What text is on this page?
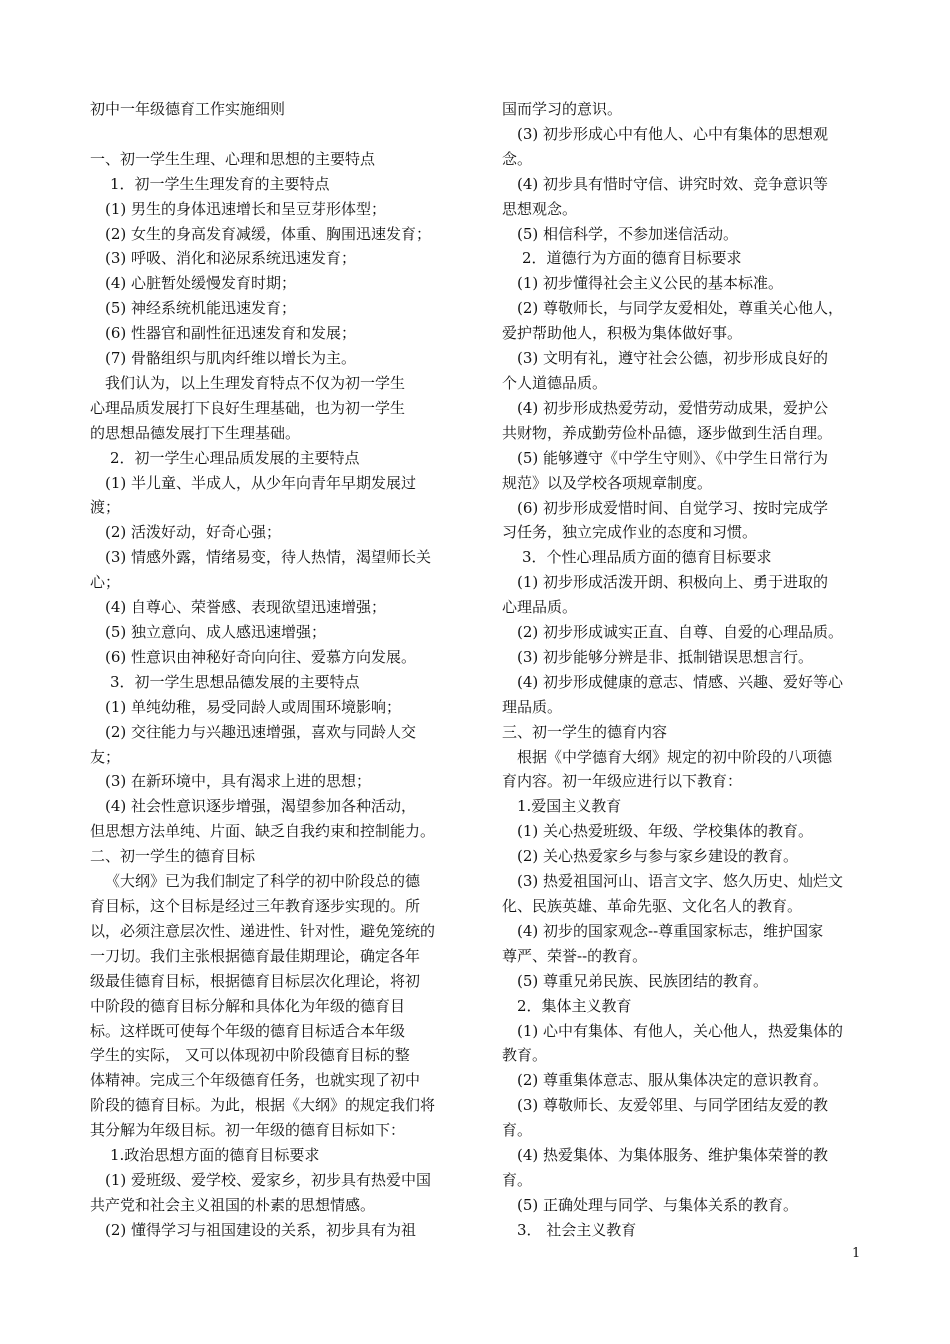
初中一年级德育工作实施细则

一、初一学生生理、心理和思想的主要特点

1．初一学生生理发育的主要特点

(1) 男生的身体迅速增长和呈豆芽形体型；

(2) 女生的身高发育减缓，体重、胸围迅速发育；

(3) 呼吸、消化和泌尿系统迅速发育；

(4) 心脏暂处缓慢发育时期；

(5) 神经系统机能迅速发育；

(6) 性器官和副性征迅速发育和发展；

(7) 骨骼组织与肌肉纤维以增长为主。

我们认为，以上生理发育特点不仅为初一学生

心理品质发展打下良好生理基础，也为初一学生

的思想品德发展打下生理基础。

2．初一学生心理品质发展的主要特点

(1) 半儿童、半成人，从少年向青年早期发展过

渡；

(2) 活泼好动，好奇心强；

(3) 情感外露，情绪易变，待人热情，渴望师长关

心；

(4) 自尊心、荣誉感、表现欲望迅速增强；

(5) 独立意向、成人感迅速增强；

(6) 性意识由神秘好奇向向往、爱慕方向发展。

3．初一学生思想品德发展的主要特点

(1) 单纯幼稚，易受同龄人或周围环境影响；

(2) 交往能力与兴趣迅速增强，喜欢与同龄人交

友；

(3) 在新环境中，具有渴求上进的思想；

(4) 社会性意识逐步增强，渴望参加各种活动，

但思想方法单纯、片面、缺乏自我约束和控制能力。

二、初一学生的德育目标

《大纲》已为我们制定了科学的初中阶段总的德

育目标，这个目标是经过三年教育逐步实现的。所

以，必须注意层次性、递进性、针对性，避免笼统的

一刀切。我们主张根据德育最佳期理论，确定各年

级最佳德育目标，根据德育目标层次化理论，将初

中阶段的德育目标分解和具体化为年级的德育目

标。这样既可使每个年级的德育目标适合本年级

学生的实际， 又可以体现初中阶段德育目标的整

体精神。完成三个年级德育任务，也就实现了初中

阶段的德育目标。为此，根据《大纲》的规定我们将

其分解为年级目标。初一年级的德育目标如下：

1.政治思想方面的德育目标要求

(1) 爱班级、爱学校、爱家乡，初步具有热爱中国

共产党和社会主义祖国的朴素的思想情感。

(2) 懂得学习与祖国建设的关系，初步具有为祖

国而学习的意识。

(3) 初步形成心中有他人、心中有集体的思想观

念。

(4) 初步具有惜时守信、讲究时效、竞争意识等

思想观念。

(5) 相信科学，不参加迷信活动。

2．道德行为方面的德育目标要求

(1) 初步懂得社会主义公民的基本标准。

(2) 尊敬师长，与同学友爱相处，尊重关心他人，

爱护帮助他人，积极为集体做好事。

(3) 文明有礼，遵守社会公德，初步形成良好的

个人道德品质。

(4) 初步形成热爱劳动，爱惜劳动成果，爱护公

共财物，养成勤劳俭朴品德，逐步做到生活自理。

(5) 能够遵守《中学生守则》、《中学生日常行为

规范》以及学校各项规章制度。

(6) 初步形成爱惜时间、自觉学习、按时完成学

习任务，独立完成作业的态度和习惯。

3．个性心理品质方面的德育目标要求

(1) 初步形成活泼开朗、积极向上、勇于进取的

心理品质。

(2) 初步形成诚实正直、自尊、自爱的心理品质。

(3) 初步能够分辨是非、抵制错误思想言行。

(4) 初步形成健康的意志、情感、兴趣、爱好等心

理品质。

三、初一学生的德育内容

根据《中学德育大纲》规定的初中阶段的八项德

育内容。初一年级应进行以下教育：

1.爱国主义教育

(1) 关心热爱班级、年级、学校集体的教育。

(2) 关心热爱家乡与参与家乡建设的教育。

(3) 热爱祖国河山、语言文字、悠久历史、灿烂文

化、民族英雄、革命先驱、文化名人的教育。

(4) 初步的国家观念--尊重国家标志，维护国家

尊严、荣誉--的教育。

(5) 尊重兄弟民族、民族团结的教育。

2．集体主义教育

(1) 心中有集体、有他人，关心他人，热爱集体的

教育。

(2) 尊重集体意志、服从集体决定的意识教育。

(3) 尊敬师长、友爱邻里、与同学团结友爱的教

育。

(4) 热爱集体、为集体服务、维护集体荣誉的教

育。

(5) 正确处理与同学、与集体关系的教育。

3． 社会主义教育

1
